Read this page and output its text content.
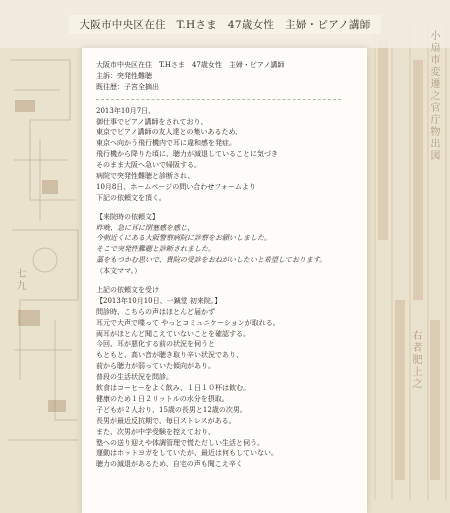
七九
小扇市変遷之官庁物出図
右者肥上之
大阪市中央区在住　T.Hさま　47歳女性　主婦・ピアノ講師
大阪市中央区在住　T.Hさま　47歳女性　主婦・ピアノ講師
主訴：突発性難聴
既往歴：子宮全摘出
2013年10月7日、
御仕事でピアノ講師をされており、
東京でピアノ講師の友人達との集いあるため、
東京へ向かう飛行機内で耳に違和感を発症。
飛行機から降りた頃に、聴力が減退していることに気づき
そのまま大阪へ急いで帰阪する。
病院で突発性難聴と診断され、
10月8日、ホームページの問い合わせフォームより
下記の依頼文を頂く。
【来院時の依頼文】
昨晩、急に耳に閉塞感を感じ、
今朝近くにある大阪警察病院に診察をお願いしました。
そこで突発性難聴と診断されました。
藁をもつかむ思いで、貴院の受診をおねがいしたいと希望しております。
（本文ママ。）
上記の依頼文を受け
【2013年10月10日、一鍼堂 初来院。】
問診時、こちらの声はほとんど届かず
耳元で大声で喋って やっとコミュニケーションが取れる。
両耳がほとんど聞こえていないことを確認する。
今回、耳が悪化する前の状況を伺うと
もともと、高い音が聴き取り辛い状況であり、
前から聴力が弱っていた傾向があり。
普段の生活状況を問診。
飲食はコーヒーをよく飲み、１日１０杯は飲む。
健康のため１日２リットルの水分を摂取。
子どもが２人おり、15歳の長男と12歳の次男。
長男が最近反抗期で、毎日ストレスがある。
また、次男が中学受験を控えており、
塾への送り迎えや体調管理で慌ただしい生活と伺う。
運動はホットヨガをしていたが、最近は何もしていない。
聴力の減退があるため、自宅の声も聞こえ辛く
